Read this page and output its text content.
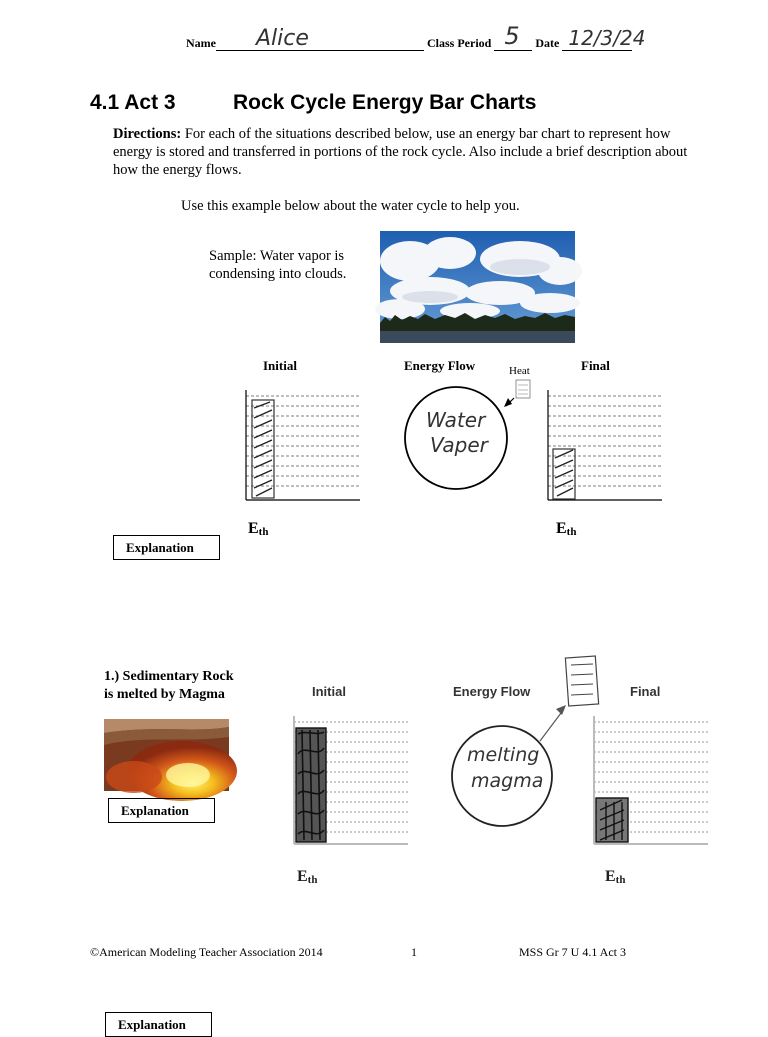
Name Alice	Class Period 5 Date 12/3/24
4.1 Act 3	Rock Cycle Energy Bar Charts
Directions: For each of the situations described below, use an energy bar chart to represent how energy is stored and transferred in portions of the rock cycle. Also include a brief description about how the energy flows.
Use this example below about the water cycle to help you.
Sample: Water vapor is condensing into clouds.
Initial	Energy Flow	Final
Heat
Water
Vaper
$E_{th}$	$E_{th}$
Explanation
1.) Sedimentary Rock is melted by Magma
Explanation
Initial	Energy Flow	Final
melting
magma
$E_{th}$	$E_{th}$
©American Modeling Teacher Association 2014	1	MSS Gr 7 U 4.1 Act 3
Explanation
